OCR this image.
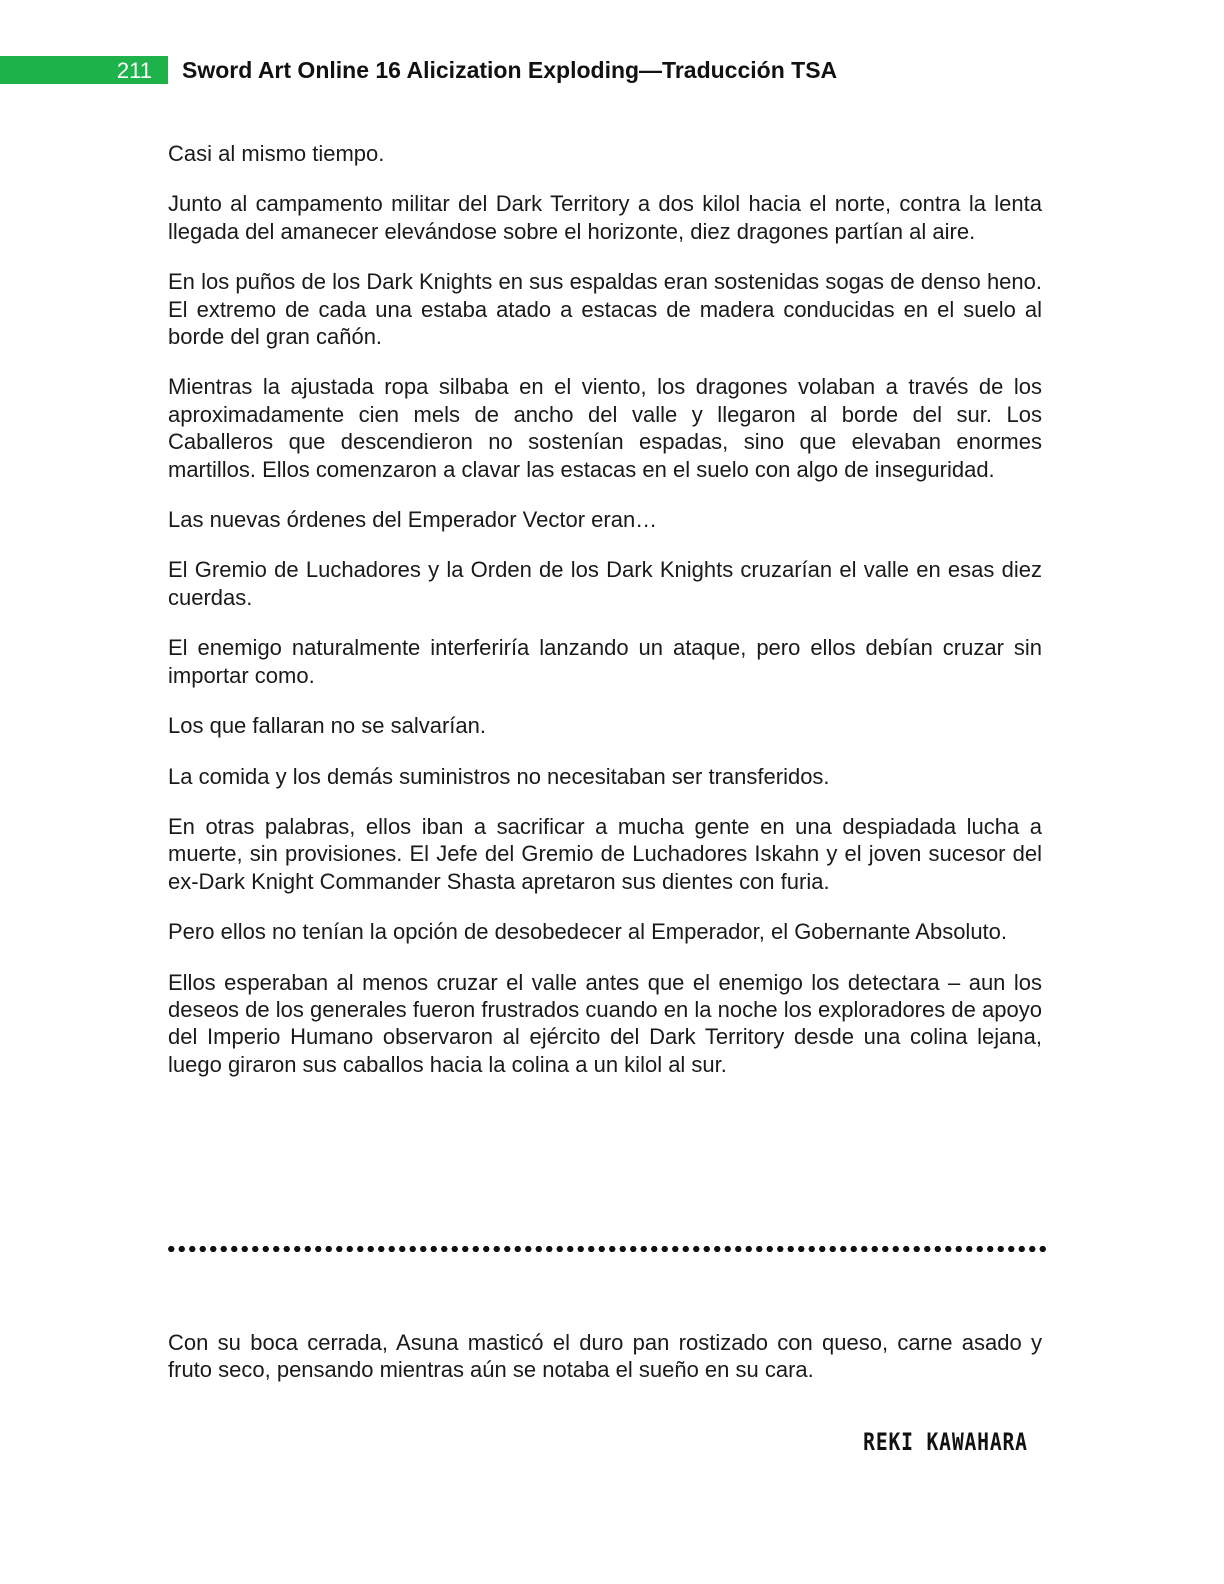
211 Sword Art Online 16 Alicization Exploding—Traducción TSA

Casi al mismo tiempo.

Junto al campamento militar del Dark Territory a dos kilol hacia el norte, contra la lenta llegada del amanecer elevándose sobre el horizonte, diez dragones partían al aire.

En los puños de los Dark Knights en sus espaldas eran sostenidas sogas de denso heno. El extremo de cada una estaba atado a estacas de madera conducidas en el suelo al borde del gran cañón.

Mientras la ajustada ropa silbaba en el viento, los dragones volaban a través de los aproximadamente cien mels de ancho del valle y llegaron al borde del sur. Los Caballeros que descendieron no sostenían espadas, sino que elevaban enormes martillos. Ellos comenzaron a clavar las estacas en el suelo con algo de inseguridad.

Las nuevas órdenes del Emperador Vector eran…

El Gremio de Luchadores y la Orden de los Dark Knights cruzarían el valle en esas diez cuerdas.

El enemigo naturalmente interferiría lanzando un ataque, pero ellos debían cruzar sin importar como.

Los que fallaran no se salvarían.

La comida y los demás suministros no necesitaban ser transferidos.

En otras palabras, ellos iban a sacrificar a mucha gente en una despiadada lucha a muerte, sin provisiones. El Jefe del Gremio de Luchadores Iskahn y el joven sucesor del ex-Dark Knight Commander Shasta apretaron sus dientes con furia.

Pero ellos no tenían la opción de desobedecer al Emperador, el Gobernante Absoluto.

Ellos esperaban al menos cruzar el valle antes que el enemigo los detectara – aun los deseos de los generales fueron frustrados cuando en la noche los exploradores de apoyo del Imperio Humano observaron al ejército del Dark Territory desde una colina lejana, luego giraron sus caballos hacia la colina a un kilol al sur.

Con su boca cerrada, Asuna masticó el duro pan rostizado con queso, carne asado y fruto seco, pensando mientras aún se notaba el sueño en su cara.

REKI KAWAHARA
